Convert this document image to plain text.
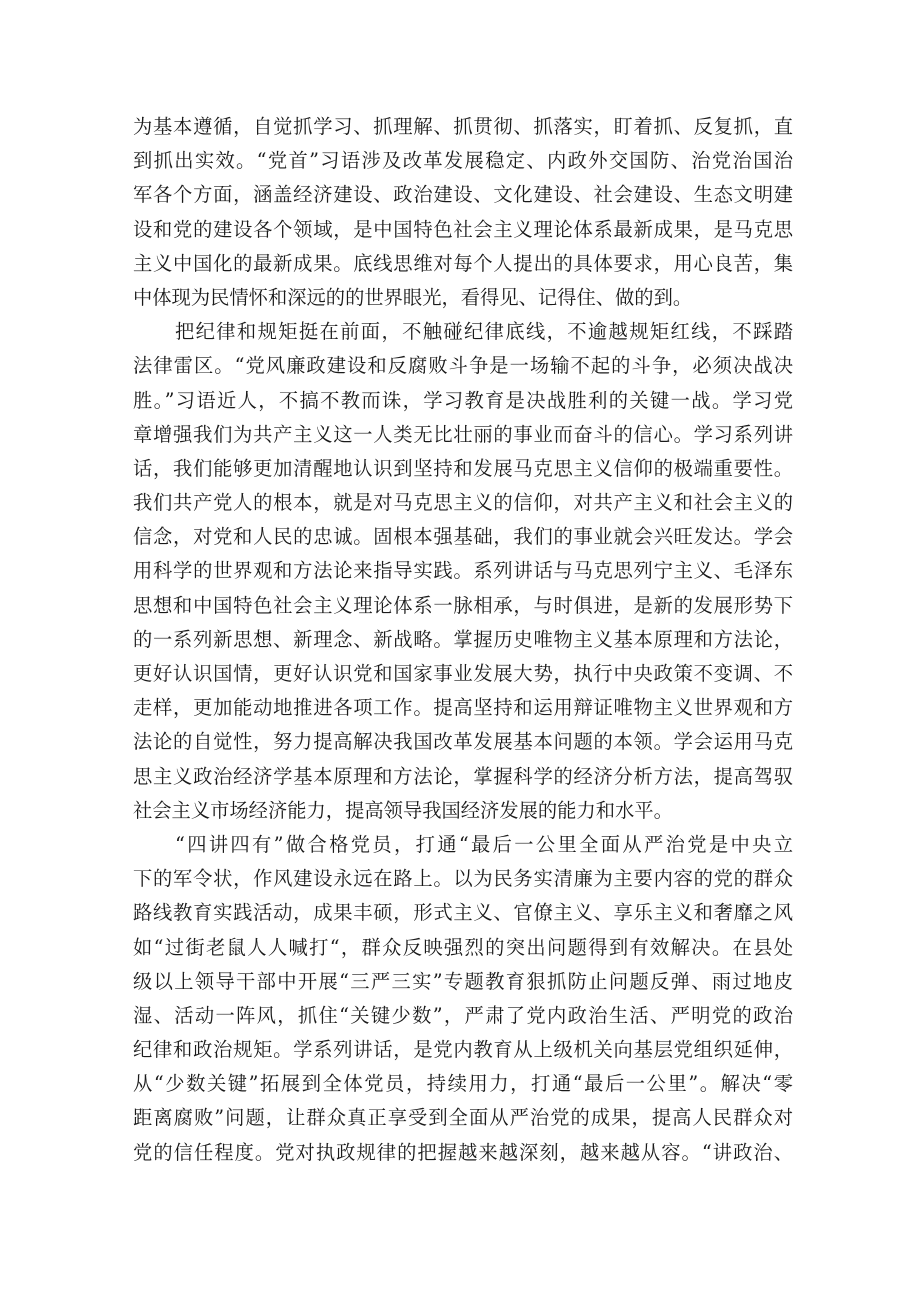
为基本遵循，自觉抓学习、抓理解、抓贯彻、抓落实，盯着抓、反复抓，直
到抓出实效。“党首”习语涉及改革发展稳定、内政外交国防、治党治国治
军各个方面，涵盖经济建设、政治建设、文化建设、社会建设、生态文明建
设和党的建设各个领域，是中国特色社会主义理论体系最新成果，是马克思
主义中国化的最新成果。底线思维对每个人提出的具体要求，用心良苦，集
中体现为民情怀和深远的的世界眼光，看得见、记得住、做的到。
把纪律和规矩挺在前面，不触碰纪律底线，不逾越规矩红线，不踩踏
法律雷区。“党风廉政建设和反腐败斗争是一场输不起的斗争，必须决战决
胜。”习语近人，不搞不教而诛，学习教育是决战胜利的关键一战。学习党
章增强我们为共产主义这一人类无比壮丽的事业而奋斗的信心。学习系列讲
话，我们能够更加清醒地认识到坚持和发展马克思主义信仰的极端重要性。
我们共产党人的根本，就是对马克思主义的信仰，对共产主义和社会主义的
信念，对党和人民的忠诚。固根本强基础，我们的事业就会兴旺发达。学会
用科学的世界观和方法论来指导实践。系列讲话与马克思列宁主义、毛泽东
思想和中国特色社会主义理论体系一脉相承，与时俱进，是新的发展形势下
的一系列新思想、新理念、新战略。掌握历史唯物主义基本原理和方法论，
更好认识国情，更好认识党和国家事业发展大势，执行中央政策不变调、不
走样，更加能动地推进各项工作。提高坚持和运用辩证唯物主义世界观和方
法论的自觉性，努力提高解决我国改革发展基本问题的本领。学会运用马克
思主义政治经济学基本原理和方法论，掌握科学的经济分析方法，提高驾驭
社会主义市场经济能力，提高领导我国经济发展的能力和水平。
“四讲四有”做合格党员，打通“最后一公里全面从严治党是中央立
下的军令状，作风建设永远在路上。以为民务实清廉为主要内容的党的群众
路线教育实践活动，成果丰硕，形式主义、官僚主义、享乐主义和奢靡之风
如“过街老鼠人人喊打“，群众反映强烈的突出问题得到有效解决。在县处
级以上领导干部中开展“三严三实”专题教育狠抓防止问题反弹、雨过地皮
湿、活动一阵风，抓住“关键少数”，严肃了党内政治生活、严明党的政治
纪律和政治规矩。学系列讲话，是党内教育从上级机关向基层党组织延伸，
从“少数关键”拓展到全体党员，持续用力，打通“最后一公里”。解决“零
距离腐败”问题，让群众真正享受到全面从严治党的成果，提高人民群众对
党的信任程度。党对执政规律的把握越来越深刻，越来越从容。“讲政治、
